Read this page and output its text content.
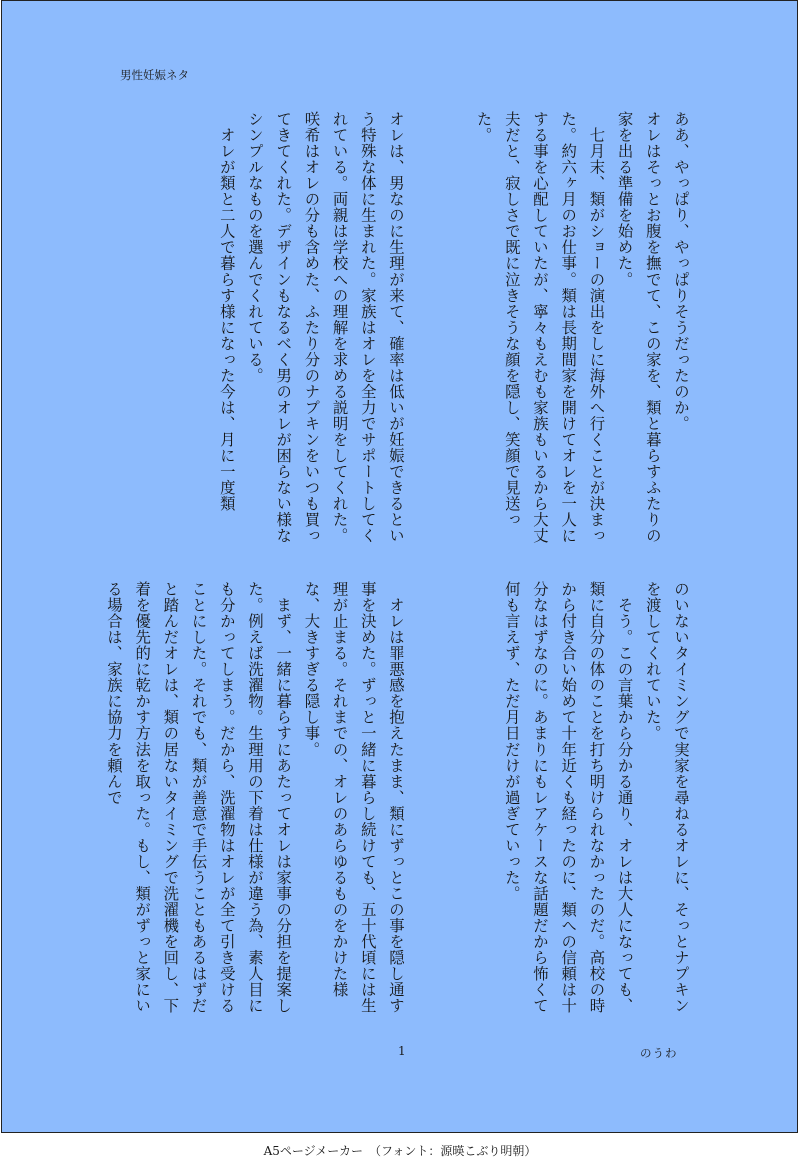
男性妊娠ネタ

ああ、やっぱり、やっぱりそうだったのか。

オレはそっとお腹を撫でて、この家を、類と暮らすふたりの家を出る準備を始めた。

　七月末、類がショーの演出をしに海外へ行くことが決まった。約六ヶ月のお仕事。類は長期間家を開けてオレを一人にする事を心配していたが、寧々もえむも家族もいるから大丈夫だと、寂しさで既に泣きそうな顔を隠し、笑顔で見送った。

オレは、男なのに生理が来て、確率は低いが妊娠できるという特殊な体に生まれた。家族はオレを全力でサポートしてくれている。両親は学校への理解を求める説明をしてくれた。咲希はオレの分も含めた、ふたり分のナプキンをいつも買ってきてくれた。デザインもなるべく男のオレが困らない様なシンプルなものを選んでくれている。

　オレが類と二人で暮らす様になった今は、月に一度類

のいないタイミングで実家を尋ねるオレに、そっとナプキンを渡してくれていた。

　そう。この言葉から分かる通り、オレは大人になっても、類に自分の体のことを打ち明けられなかったのだ。高校の時から付き合い始めて十年近くも経ったのに、類への信頼は十分なはずなのに。あまりにもレアケースな話題だから怖くて何も言えず、ただ月日だけが過ぎていった。

　オレは罪悪感を抱えたまま、類にずっとこの事を隠し通す事を決めた。ずっと一緒に暮らし続けても、五十代頃には生理が止まる。それまでの、オレのあらゆるものをかけた様な、大きすぎる隠し事。

　まず、一緒に暮らすにあたってオレは家事の分担を提案した。例えば洗濯物。生理用の下着は仕様が違う為、素人目にも分かってしまう。だから、洗濯物はオレが全て引き受けることにした。それでも、類が善意で手伝うこともあるはずだと踏んだオレは、類の居ないタイミングで洗濯機を回し、下着を優先的に乾かす方法を取った。もし、類がずっと家にいる場合は、家族に協力を頼んで

1	のうわ
A5ページメーカー　（フォント：源暎こぶり明朝）
